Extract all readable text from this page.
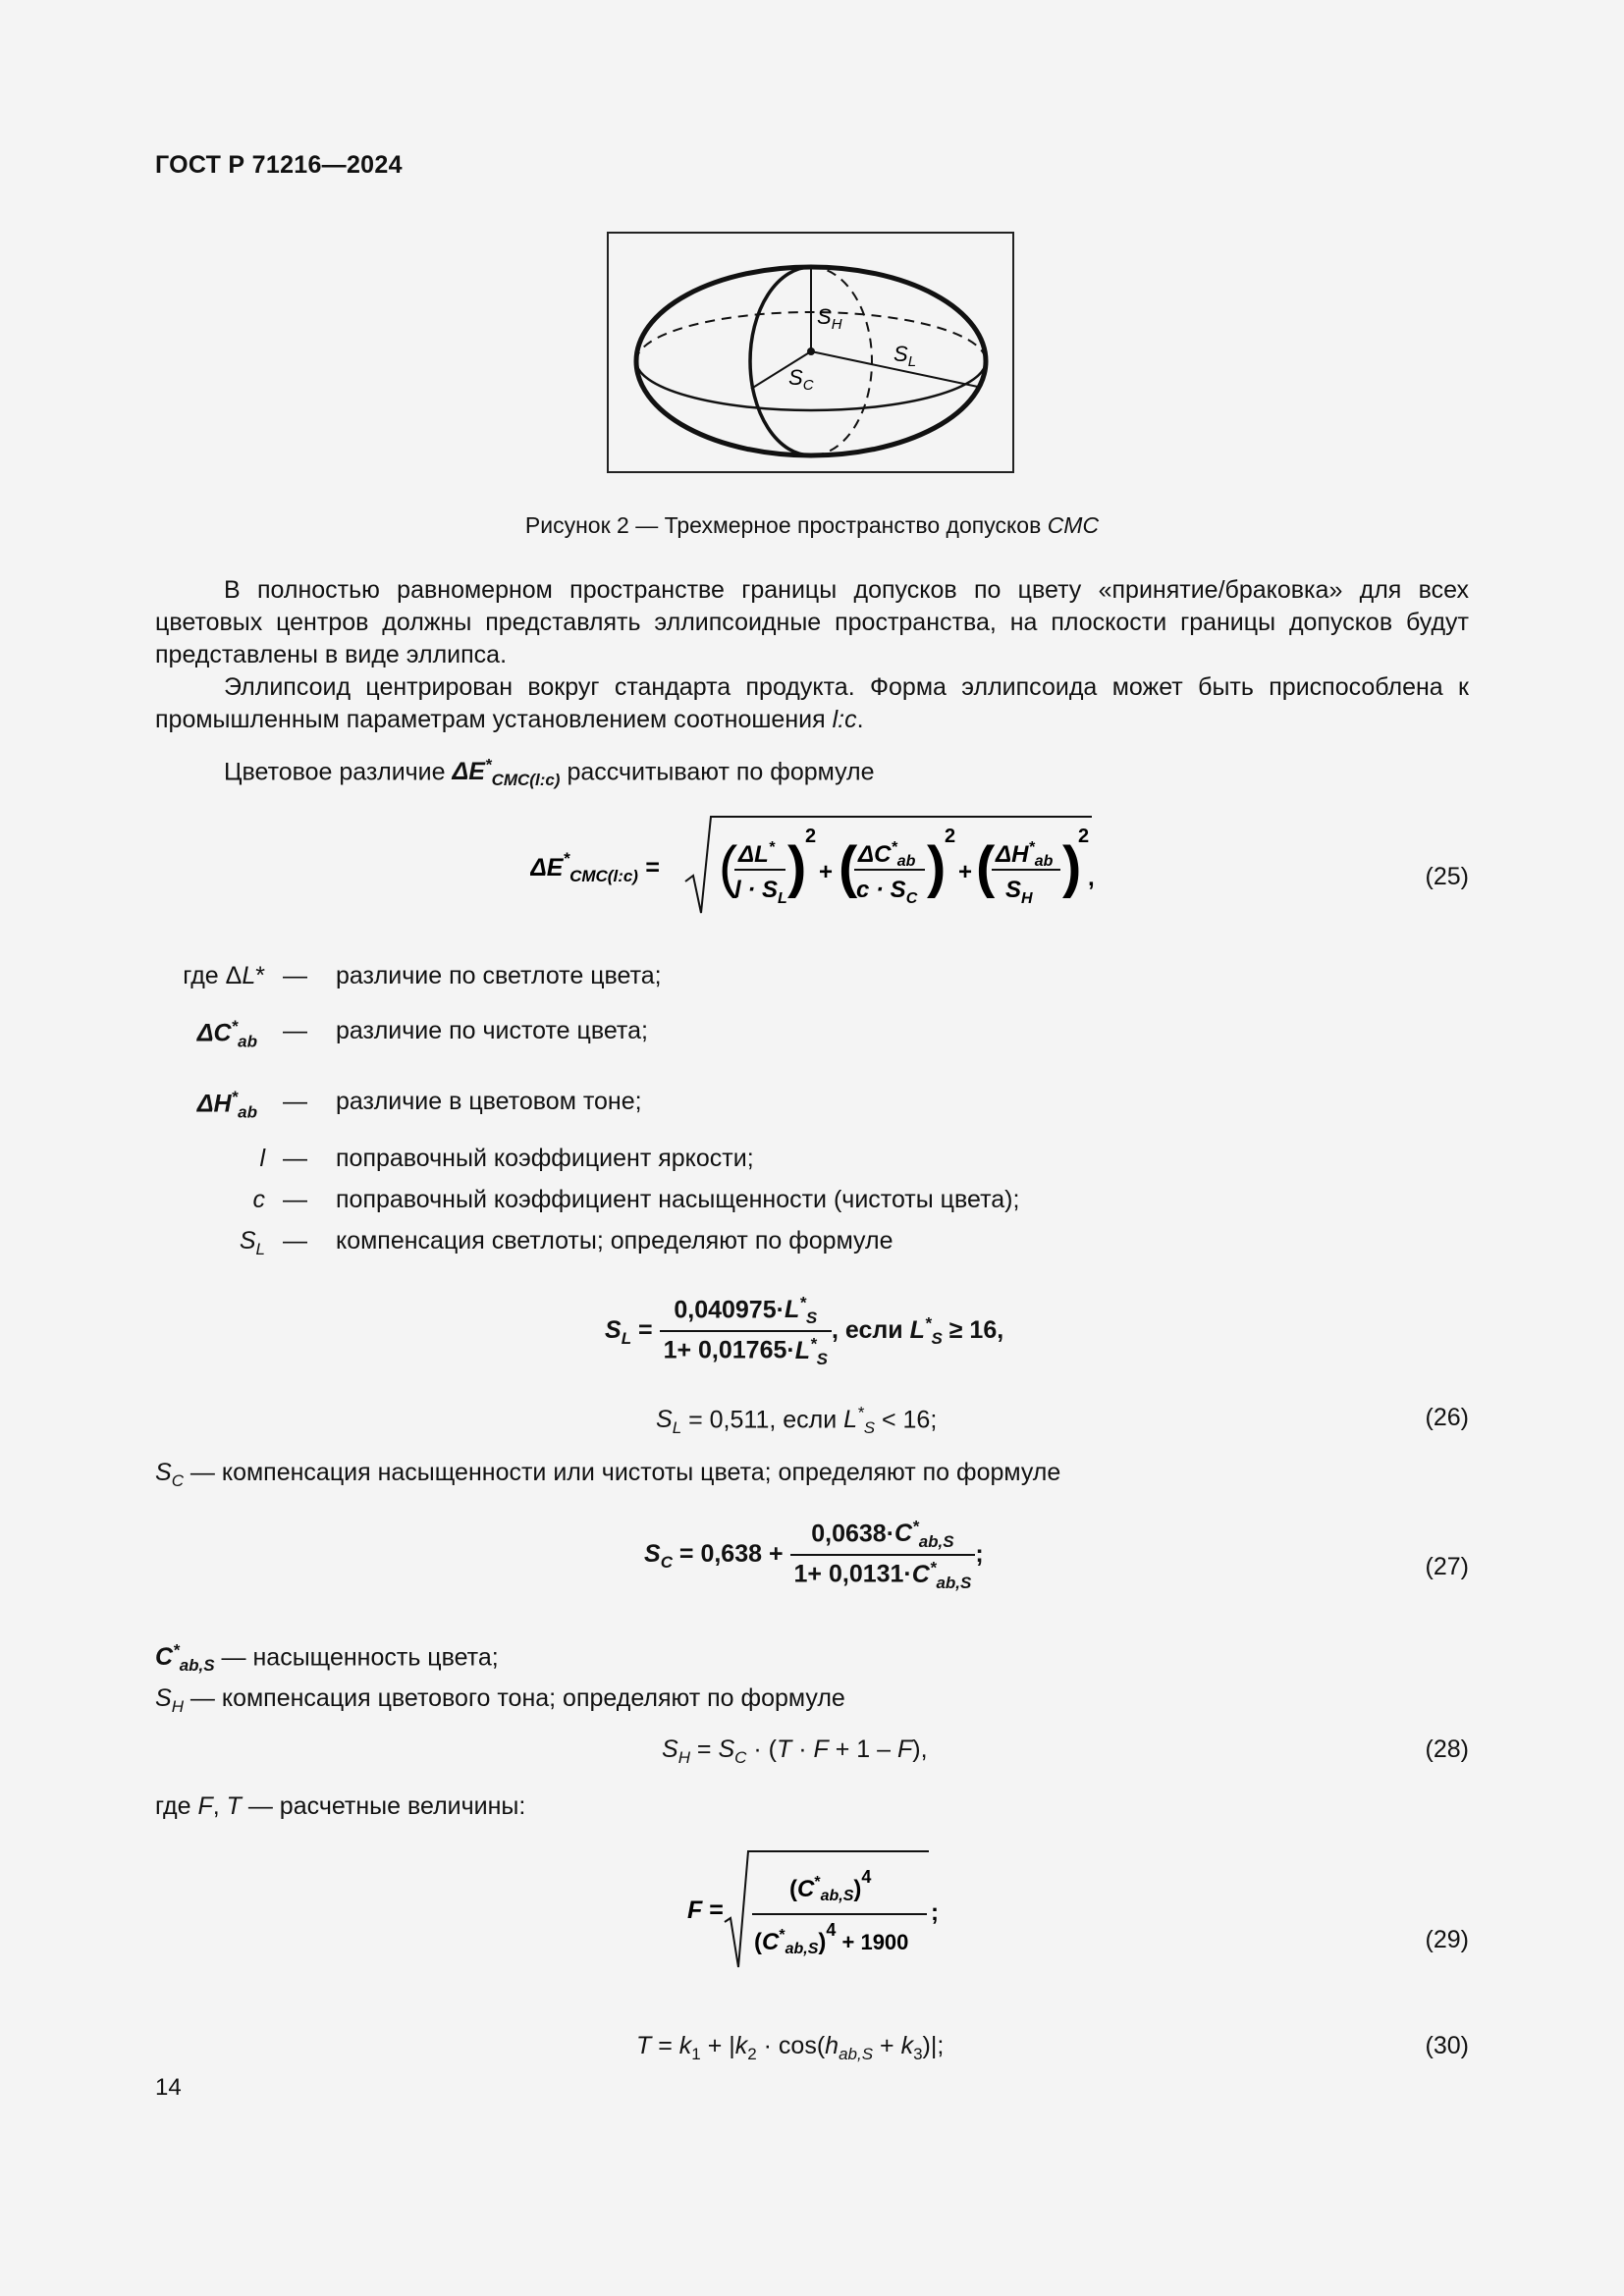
ГОСТ Р 71216—2024
$S_H$
$S_L$
$S_C$
Рисунок 2 — Трехмерное пространство допусков CMC

В полностью равномерном пространстве границы допусков по цвету «принятие/браковка» для всех цветовых центров должны представлять эллипсоидные пространства, на плоскости границы допусков будут представлены в виде эллипса.

Эллипсоид центрирован вокруг стандарта продукта. Форма эллипсоида может быть приспособлена к промышленным параметрам установлением соотношения l:c.

Цветовое различие $\Delta E^*_{CMC(l:c)}$ рассчитывают по формуле

$\Delta E^*_{CMC(l:c)}$ = ( ΔL*
$l \cdot S_L$ )
2
+ ( $\Delta C^*_{ab}$
$c \cdot S_C$ )
2
+ ( $\Delta H^*_{ab}$
$S_H$ )
2
,	(25)
где ΔL* — различие по светлоте цвета;
$\Delta C^*_{ab}$ — различие по чистоте цвета;
$\Delta H^*_{ab}$ — различие в цветовом тоне;
l — поправочный коэффициент яркости;
c — поправочный коэффициент насыщенности (чистоты цвета);
$S_L$ — компенсация светлоты; определяют по формуле
$S_L = \frac{0,040975\cdot L^*_S}{1+ 0,01765\cdot L^*_S}$ , если $L^*_S \ge 16$,
$S_L = 0,511$, если $L^*_S < 16$;	(26)
$S_C$ — компенсация насыщенности или чистоты цвета; определяют по формуле
$S_C = 0,638 + \frac{0,0638\cdot C^*_{ab,S}}{1+ 0,0131\cdot C^*_{ab,S}}$ ;	(27)
$C^*_{ab,S}$ — насыщенность цвета;
$S_H$ — компенсация цветового тона; определяют по формуле
$S_H = S_C \cdot (T \cdot F + 1 - F)$,	(28)
где F, T — расчетные величины:
F =
$(C^*_{ab,S})^4$
$(C^*_{ab,S})^4 + 1900$
;
(29)
$T = k_1 + |k_2 \cdot \cos(h_{ab,S} + k_3)|$;	(30)
14
